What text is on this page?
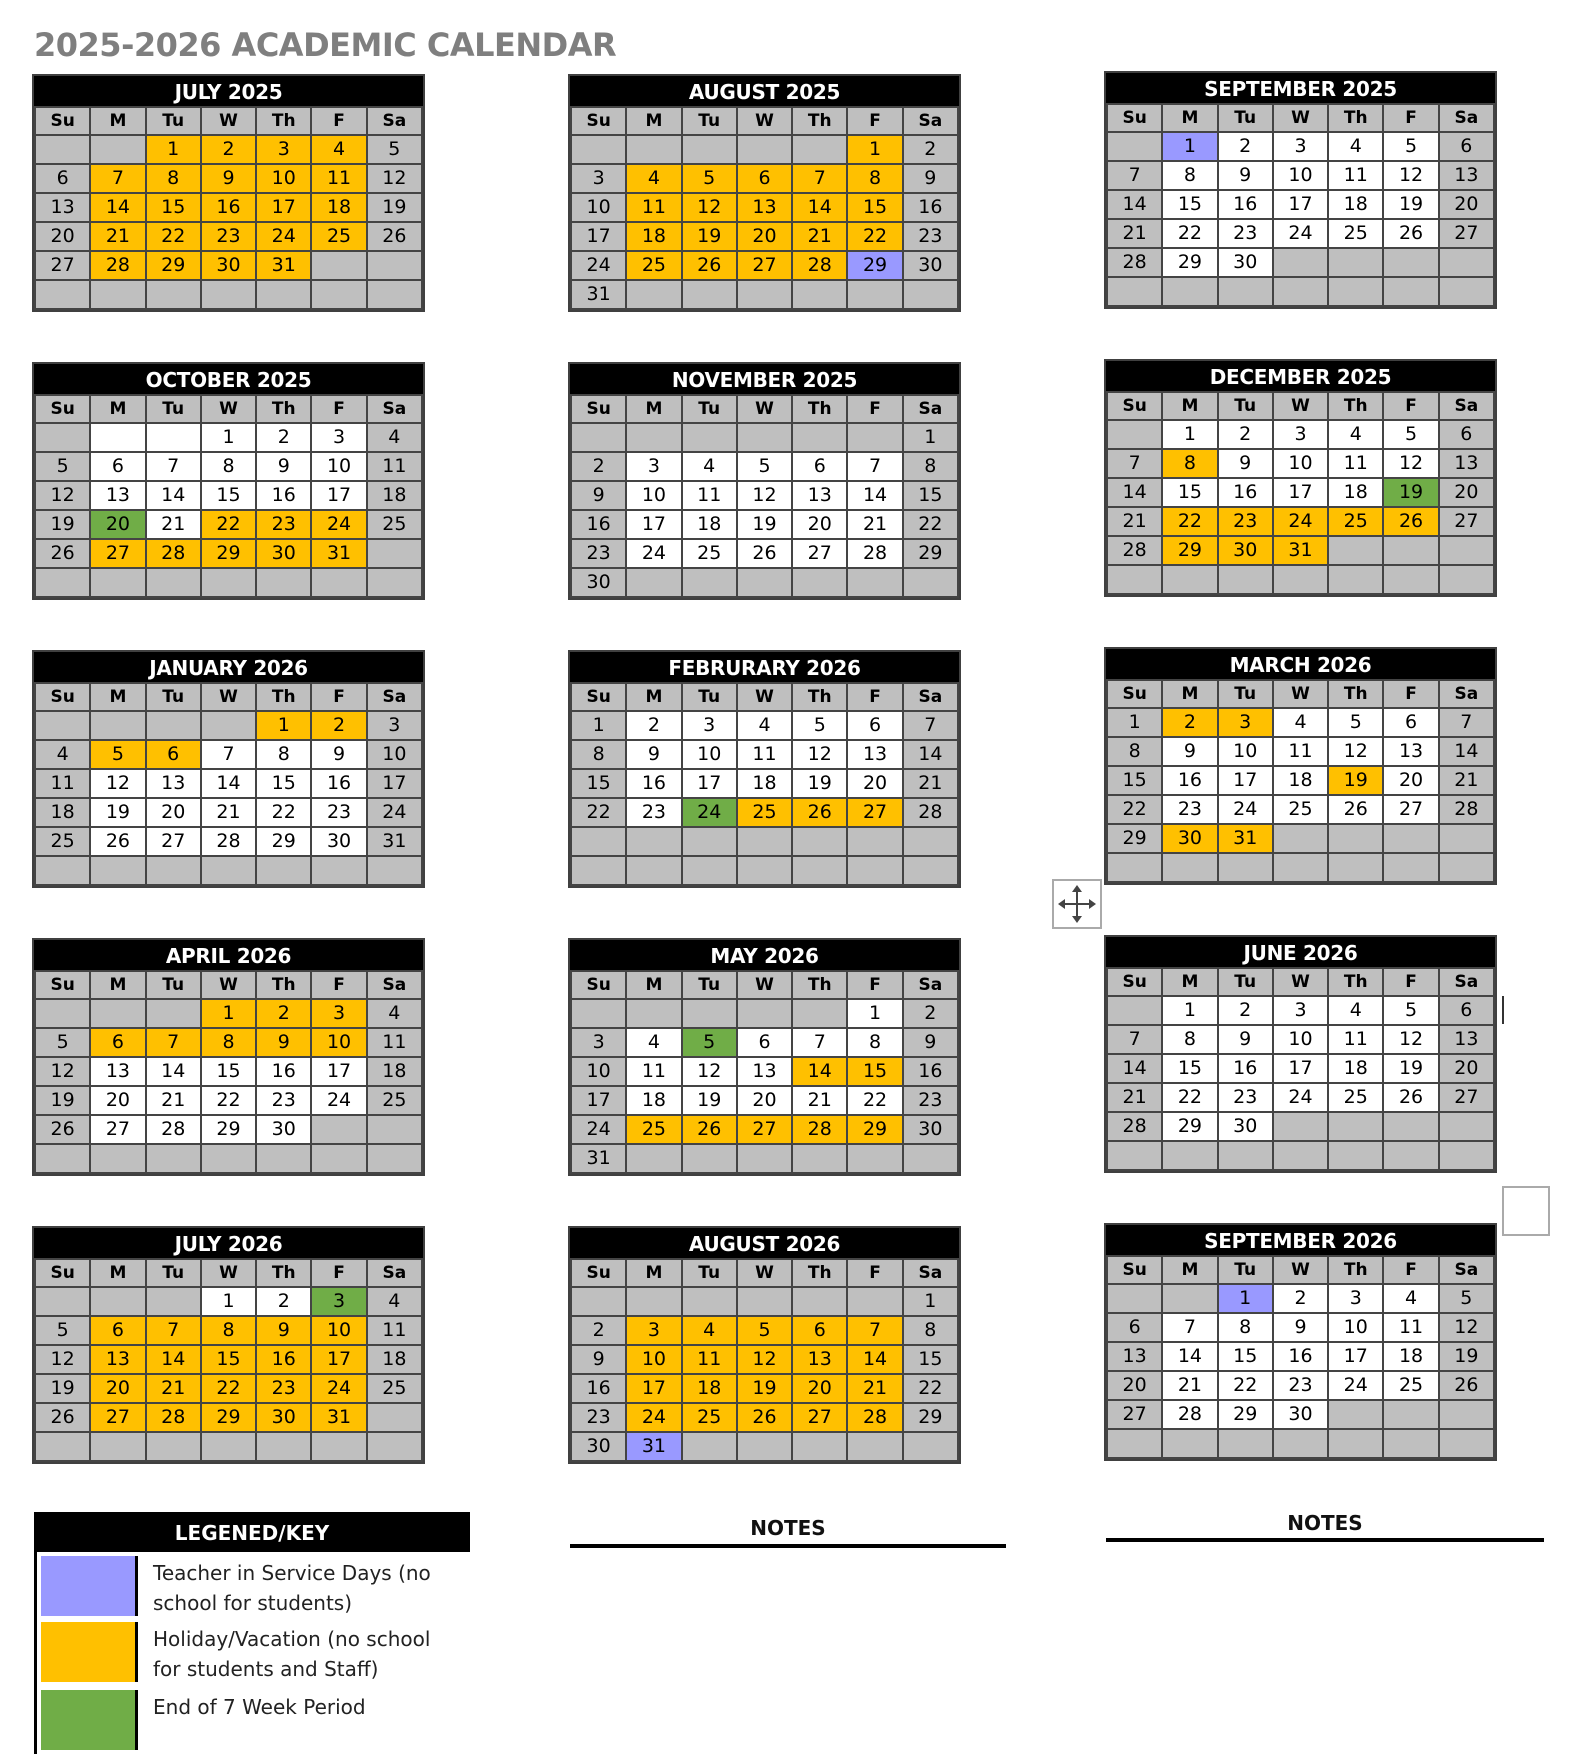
2025-2026 ACADEMIC CALENDAR
JULY 2025
Su	M	Tu	W	Th	F	Sa
		1	2	3	4	5
6	7	8	9	10	11	12
13	14	15	16	17	18	19
20	21	22	23	24	25	26
27	28	29	30	31		

AUGUST 2025
Su	M	Tu	W	Th	F	Sa
					1	2
3	4	5	6	7	8	9
10	11	12	13	14	15	16
17	18	19	20	21	22	23
24	25	26	27	28	29	30
31						
SEPTEMBER 2025
Su	M	Tu	W	Th	F	Sa
	1	2	3	4	5	6
7	8	9	10	11	12	13
14	15	16	17	18	19	20
21	22	23	24	25	26	27
28	29	30				

OCTOBER 2025
Su	M	Tu	W	Th	F	Sa
			1	2	3	4
5	6	7	8	9	10	11
12	13	14	15	16	17	18
19	20	21	22	23	24	25
26	27	28	29	30	31	

NOVEMBER 2025
Su	M	Tu	W	Th	F	Sa
						1
2	3	4	5	6	7	8
9	10	11	12	13	14	15
16	17	18	19	20	21	22
23	24	25	26	27	28	29
30						
DECEMBER 2025
Su	M	Tu	W	Th	F	Sa
	1	2	3	4	5	6
7	8	9	10	11	12	13
14	15	16	17	18	19	20
21	22	23	24	25	26	27
28	29	30	31			

JANUARY 2026
Su	M	Tu	W	Th	F	Sa
				1	2	3
4	5	6	7	8	9	10
11	12	13	14	15	16	17
18	19	20	21	22	23	24
25	26	27	28	29	30	31

FEBRURARY 2026
Su	M	Tu	W	Th	F	Sa
1	2	3	4	5	6	7
8	9	10	11	12	13	14
15	16	17	18	19	20	21
22	23	24	25	26	27	28

MARCH 2026
Su	M	Tu	W	Th	F	Sa
1	2	3	4	5	6	7
8	9	10	11	12	13	14
15	16	17	18	19	20	21
22	23	24	25	26	27	28
29	30	31				

APRIL 2026
Su	M	Tu	W	Th	F	Sa
			1	2	3	4
5	6	7	8	9	10	11
12	13	14	15	16	17	18
19	20	21	22	23	24	25
26	27	28	29	30		

MAY 2026
Su	M	Tu	W	Th	F	Sa
					1	2
3	4	5	6	7	8	9
10	11	12	13	14	15	16
17	18	19	20	21	22	23
24	25	26	27	28	29	30
31						
JUNE 2026
Su	M	Tu	W	Th	F	Sa
	1	2	3	4	5	6
7	8	9	10	11	12	13
14	15	16	17	18	19	20
21	22	23	24	25	26	27
28	29	30				

JULY 2026
Su	M	Tu	W	Th	F	Sa
			1	2	3	4
5	6	7	8	9	10	11
12	13	14	15	16	17	18
19	20	21	22	23	24	25
26	27	28	29	30	31	

AUGUST 2026
Su	M	Tu	W	Th	F	Sa
						1
2	3	4	5	6	7	8
9	10	11	12	13	14	15
16	17	18	19	20	21	22
23	24	25	26	27	28	29
30	31					
SEPTEMBER 2026
Su	M	Tu	W	Th	F	Sa
		1	2	3	4	5
6	7	8	9	10	11	12
13	14	15	16	17	18	19
20	21	22	23	24	25	26
27	28	29	30			

LEGENED/KEY
Teacher in Service Days (no school for students)
Holiday/Vacation (no school for students and Staff)
End of 7 Week Period
NOTES	NOTES
